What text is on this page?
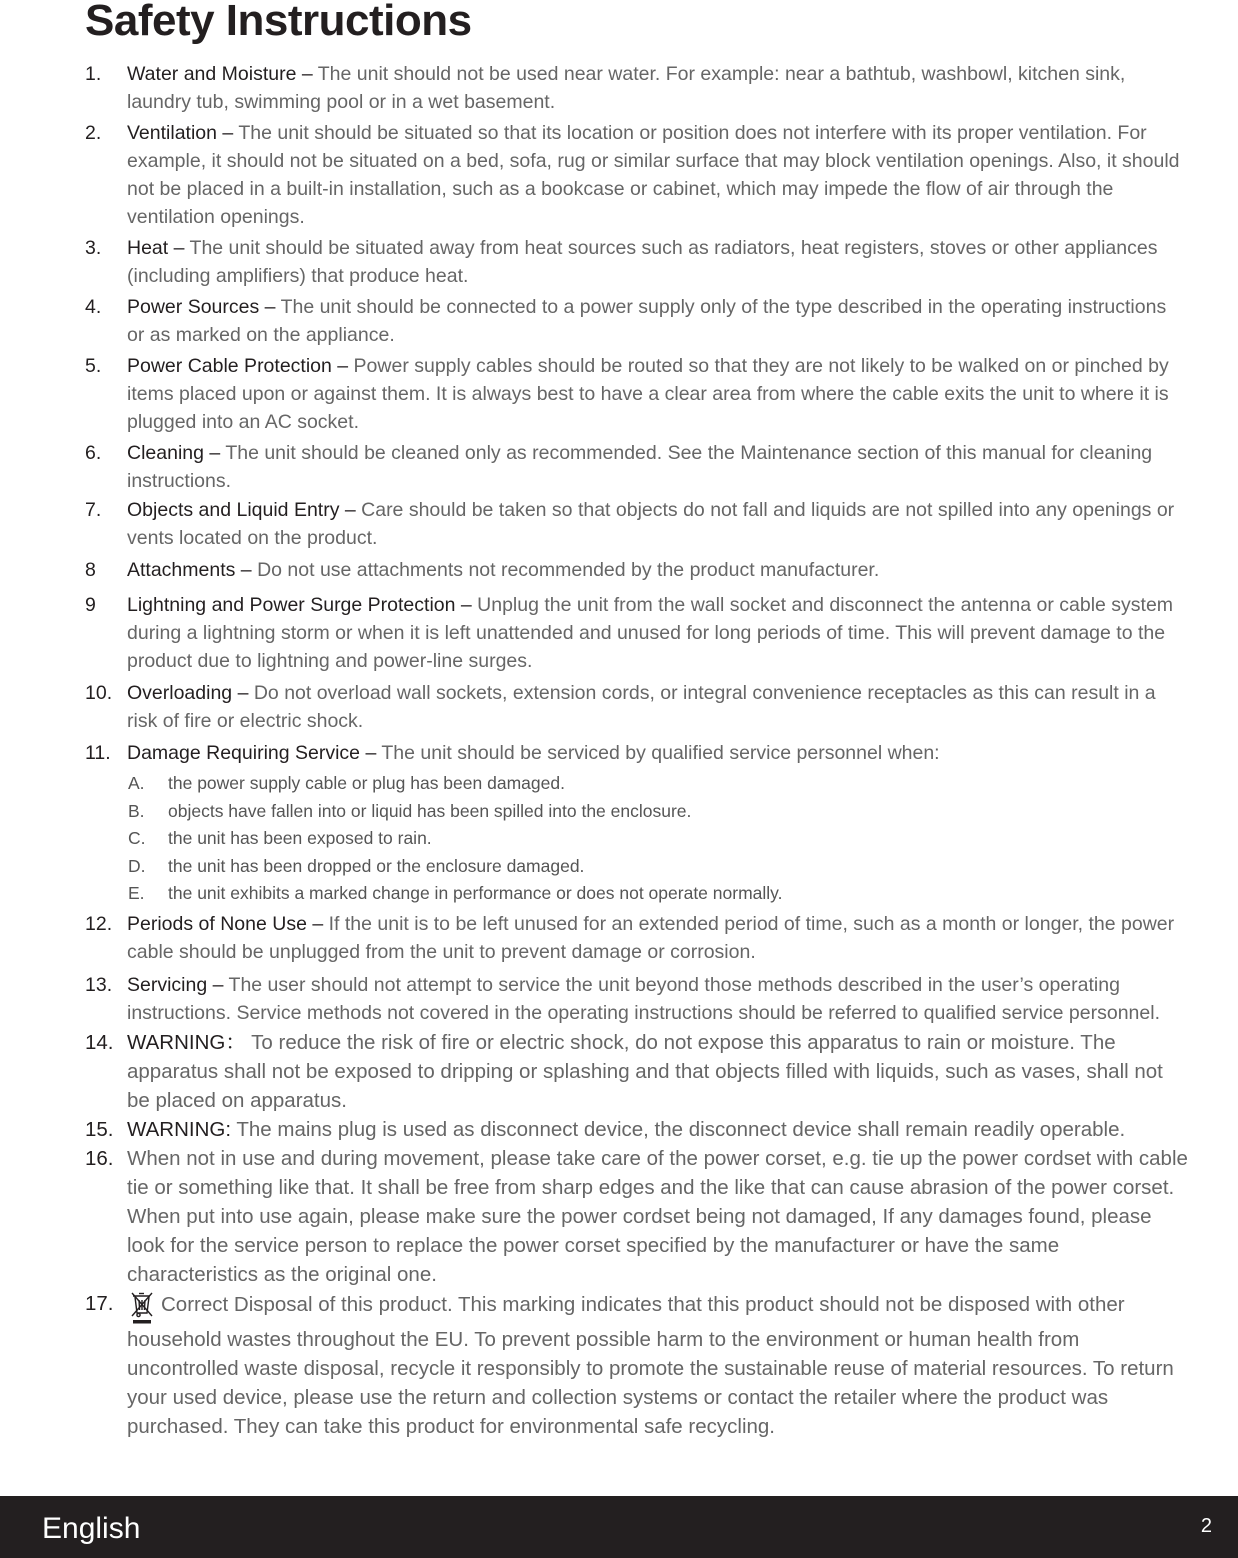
Safety Instructions
1. Water and Moisture – The unit should not be used near water. For example: near a bathtub, washbowl, kitchen sink, laundry tub, swimming pool or in a wet basement.
2. Ventilation – The unit should be situated so that its location or position does not interfere with its proper ventilation. For example, it should not be situated on a bed, sofa, rug or similar surface that may block ventilation openings. Also, it should not be placed in a built-in installation, such as a bookcase or cabinet, which may impede the flow of air through the ventilation openings.
3. Heat – The unit should be situated away from heat sources such as radiators, heat registers, stoves or other appliances (including amplifiers) that produce heat.
4. Power Sources – The unit should be connected to a power supply only of the type described in the operating instructions or as marked on the appliance.
5. Power Cable Protection – Power supply cables should be routed so that they are not likely to be walked on or pinched by items placed upon or against them. It is always best to have a clear area from where the cable exits the unit to where it is plugged into an AC socket.
6. Cleaning – The unit should be cleaned only as recommended. See the Maintenance section of this manual for cleaning instructions.
7. Objects and Liquid Entry – Care should be taken so that objects do not fall and liquids are not spilled into any openings or vents located on the product.
8 Attachments – Do not use attachments not recommended by the product manufacturer.
9 Lightning and Power Surge Protection – Unplug the unit from the wall socket and disconnect the antenna or cable system during a lightning storm or when it is left unattended and unused for long periods of time. This will prevent damage to the product due to lightning and power-line surges.
10. Overloading – Do not overload wall sockets, extension cords, or integral convenience receptacles as this can result in a risk of fire or electric shock.
11. Damage Requiring Service – The unit should be serviced by qualified service personnel when:
A. the power supply cable or plug has been damaged.
B. objects have fallen into or liquid has been spilled into the enclosure.
C. the unit has been exposed to rain.
D. the unit has been dropped or the enclosure damaged.
E. the unit exhibits a marked change in performance or does not operate normally.
12. Periods of None Use – If the unit is to be left unused for an extended period of time, such as a month or longer, the power cable should be unplugged from the unit to prevent damage or corrosion.
13. Servicing – The user should not attempt to service the unit beyond those methods described in the user’s operating instructions. Service methods not covered in the operating instructions should be referred to qualified service personnel.
14. WARNING： To reduce the risk of fire or electric shock, do not expose this apparatus to rain or moisture. The apparatus shall not be exposed to dripping or splashing and that objects filled with liquids, such as vases, shall not be placed on apparatus.
15. WARNING: The mains plug is used as disconnect device, the disconnect device shall remain readily operable.
16. When not in use and during movement, please take care of the power corset, e.g. tie up the power cordset with cable tie or something like that. It shall be free from sharp edges and the like that can cause abrasion of the power corset. When put into use again, please make sure the power cordset being not damaged, If any damages found, please look for the service person to replace the power corset specified by the manufacturer or have the same characteristics as the original one.
17.	Correct Disposal of this product. This marking indicates that this product should not be disposed with other household wastes throughout the EU. To prevent possible harm to the environment or human health from uncontrolled waste disposal, recycle it responsibly to promote the sustainable reuse of material resources. To return your used device, please use the return and collection systems or contact the retailer where the product was purchased. They can take this product for environmental safe recycling.
English	2
